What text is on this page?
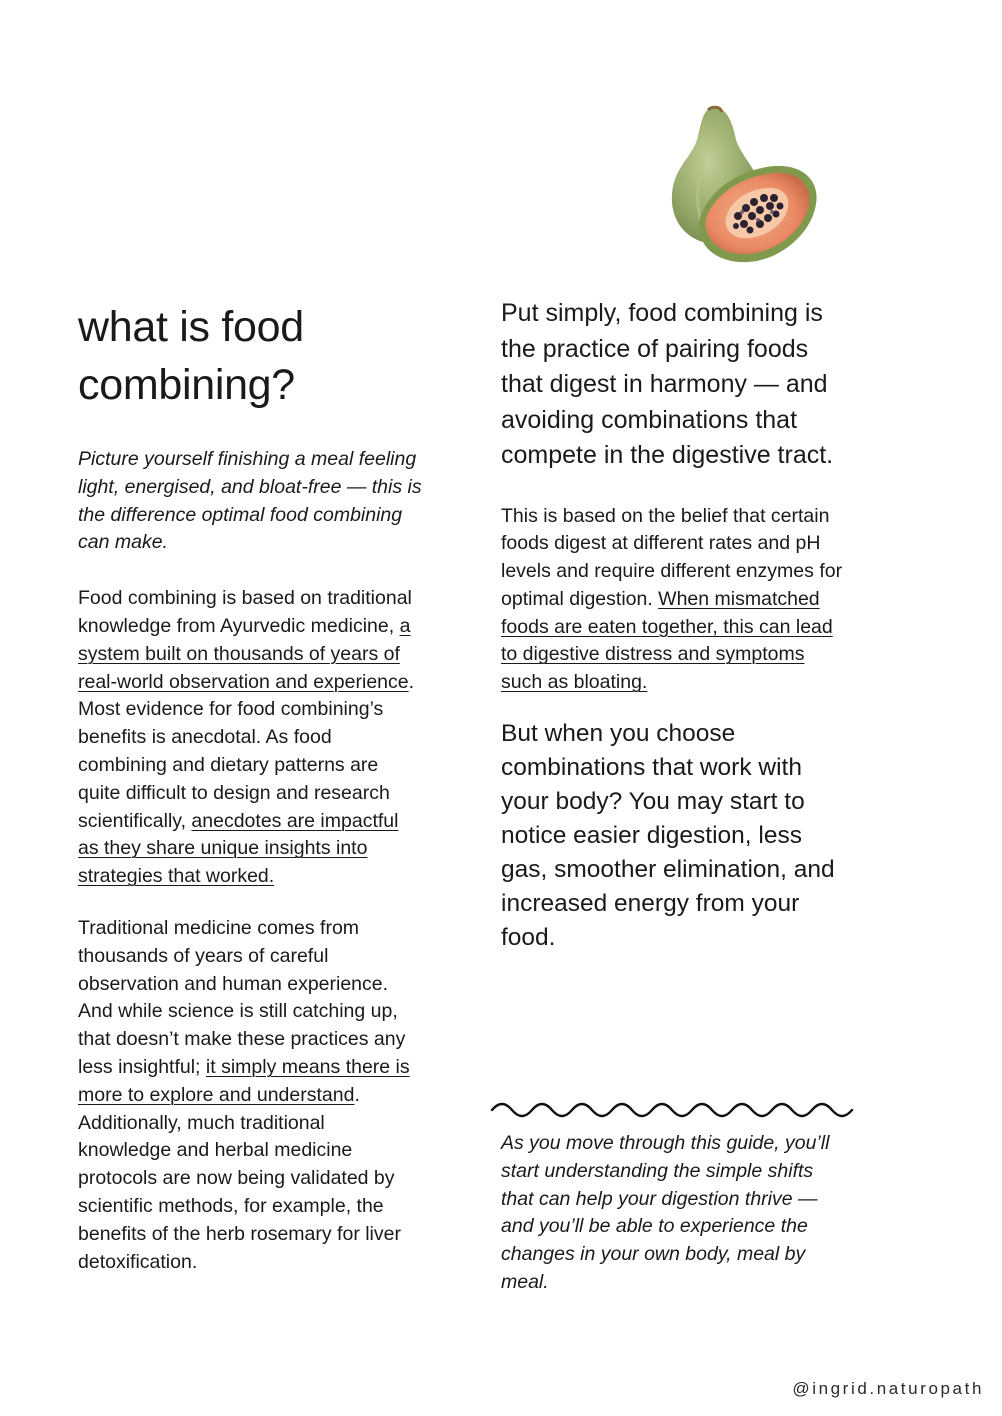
what is food
combining?

Picture yourself finishing a meal feeling light, energised, and bloat-free — this is the difference optimal food combining can make.

Food combining is based on traditional knowledge from Ayurvedic medicine, a system built on thousands of years of real-world observation and experience. Most evidence for food combining’s benefits is anecdotal. As food combining and dietary patterns are quite difficult to design and research scientifically, anecdotes are impactful as they share unique insights into strategies that worked.

Traditional medicine comes from thousands of years of careful observation and human experience. And while science is still catching up, that doesn’t make these practices any less insightful; it simply means there is more to explore and understand. Additionally, much traditional knowledge and herbal medicine protocols are now being validated by scientific methods, for example, the benefits of the herb rosemary for liver detoxification.

Put simply, food combining is the practice of pairing foods that digest in harmony — and avoiding combinations that compete in the digestive tract.

This is based on the belief that certain foods digest at different rates and pH levels and require different enzymes for optimal digestion. When mismatched foods are eaten together, this can lead to digestive distress and symptoms such as bloating.

But when you choose combinations that work with your body? You may start to notice easier digestion, less gas, smoother elimination, and increased energy from your food.

As you move through this guide, you’ll start understanding the simple shifts that can help your digestion thrive — and you’ll be able to experience the changes in your own body, meal by meal.

@ingrid.naturopath
